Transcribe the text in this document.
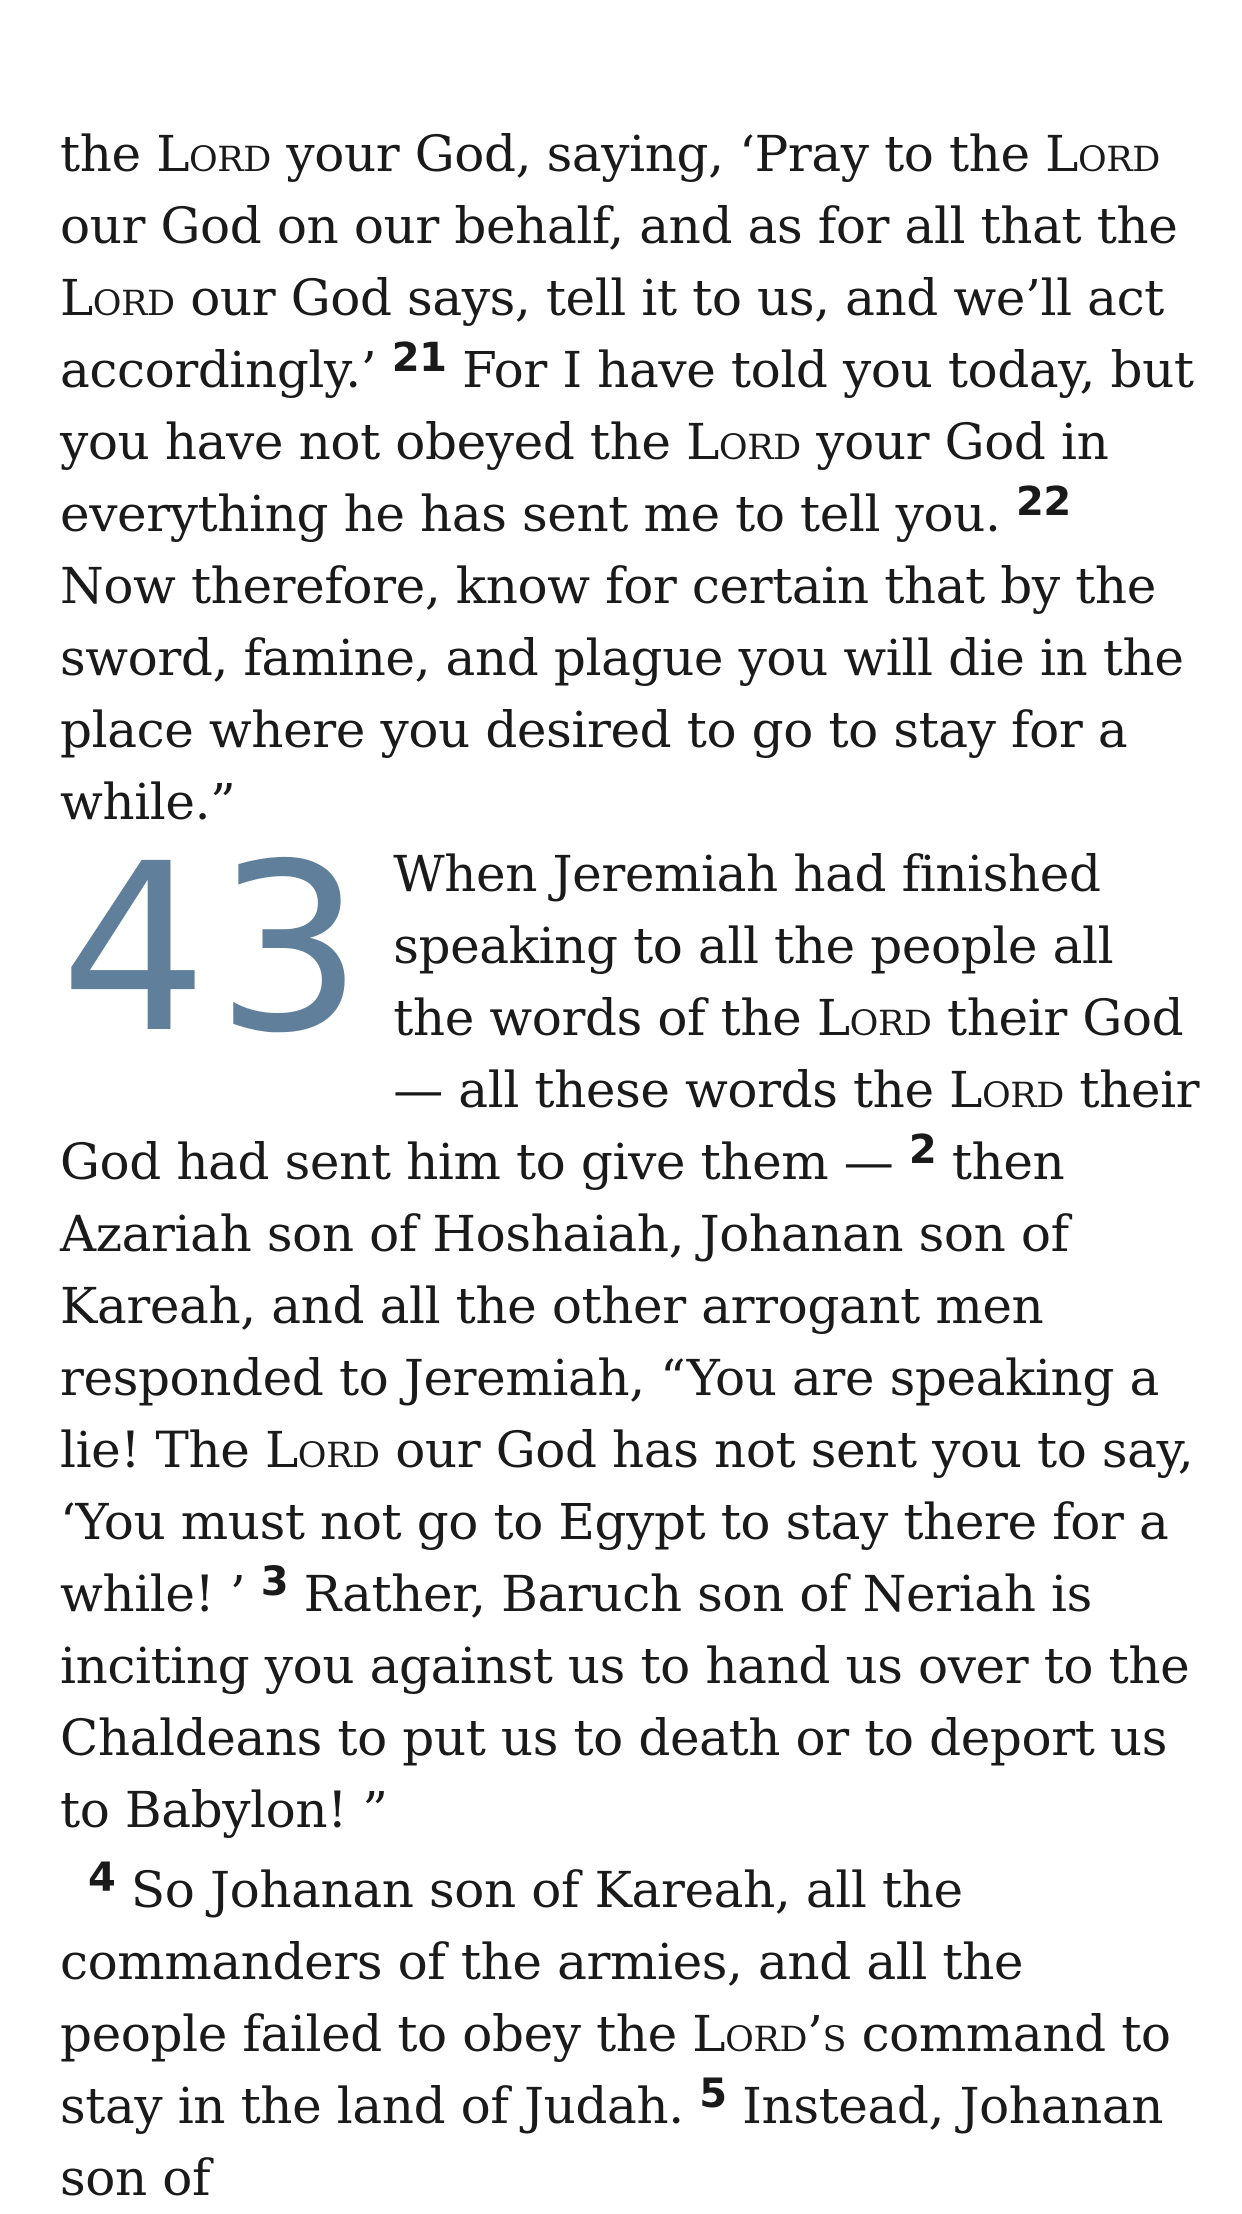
the Lord your God, saying, ‘Pray to the Lord our God on our behalf, and as for all that the Lord our God says, tell it to us, and we’ll act accordingly.’ $^{21}$ For I have told you today, but you have not obeyed the Lord your God in everything he has sent me to tell you. $^{22}$ Now therefore, know for certain that by the sword, famine, and plague you will die in the place where you desired to go to stay for a while.”

43 When Jeremiah had finished speaking to all the people all the words of the Lord their God — all these words the Lord their God had sent him to give them — $^2$ then Azariah son of Hoshaiah, Johanan son of Kareah, and all the other arrogant men responded to Jeremiah, “You are speaking a lie! The Lord our God has not sent you to say, ‘You must not go to Egypt to stay there for a while! ’ $^3$ Rather, Baruch son of Neriah is inciting you against us to hand us over to the Chaldeans to put us to death or to deport us to Babylon! ”

$^4$ So Johanan son of Kareah, all the commanders of the armies, and all the people failed to obey the Lord’s command to stay in the land of Judah. $^5$ Instead, Johanan son of
